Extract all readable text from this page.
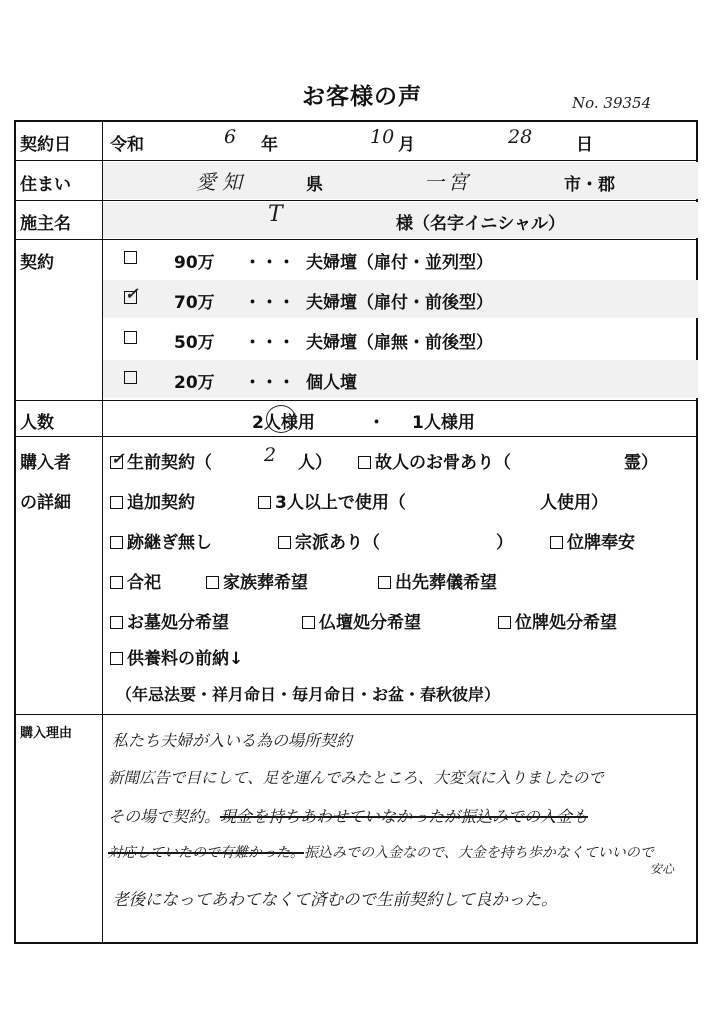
お客様の声	No. 39354
契約日	令和	6 年	10 月	28	日
住まい	愛知	県	一宮	市・郡
施主名	T	様（名字イニシャル）
契約	90万 ・・・ 夫婦壇（扉付・並列型）
✓ 70万 ・・・ 夫婦壇（扉付・前後型）
50万 ・・・ 夫婦壇（扉無・前後型）
20万 ・・・ 個人壇
人数	2人様用	・ 1人様用
購入者
の詳細
✓ 生前契約（	2 人）	故人のお骨あり（	霊）
追加契約	3人以上で使用（	人使用）
跡継ぎ無し	宗派あり（	）	位牌奉安
合祀	家族葬希望	出先葬儀希望
お墓処分希望	仏壇処分希望	位牌処分希望
供養料の前納↓
（年忌法要・祥月命日・毎月命日・お盆・春秋彼岸）
購入理由 私たち夫婦が入いる為の場所契約
新聞広告で目にして、足を運んでみたところ、大変気に入りましたので
その場で契約。現金を持ちあわせていなかったが振込みでの入金も
対応していたので有難かった。振込みでの入金なので、大金を持ち歩かなくていいので
安心
老後になってあわてなくて済むので生前契約して良かった。
